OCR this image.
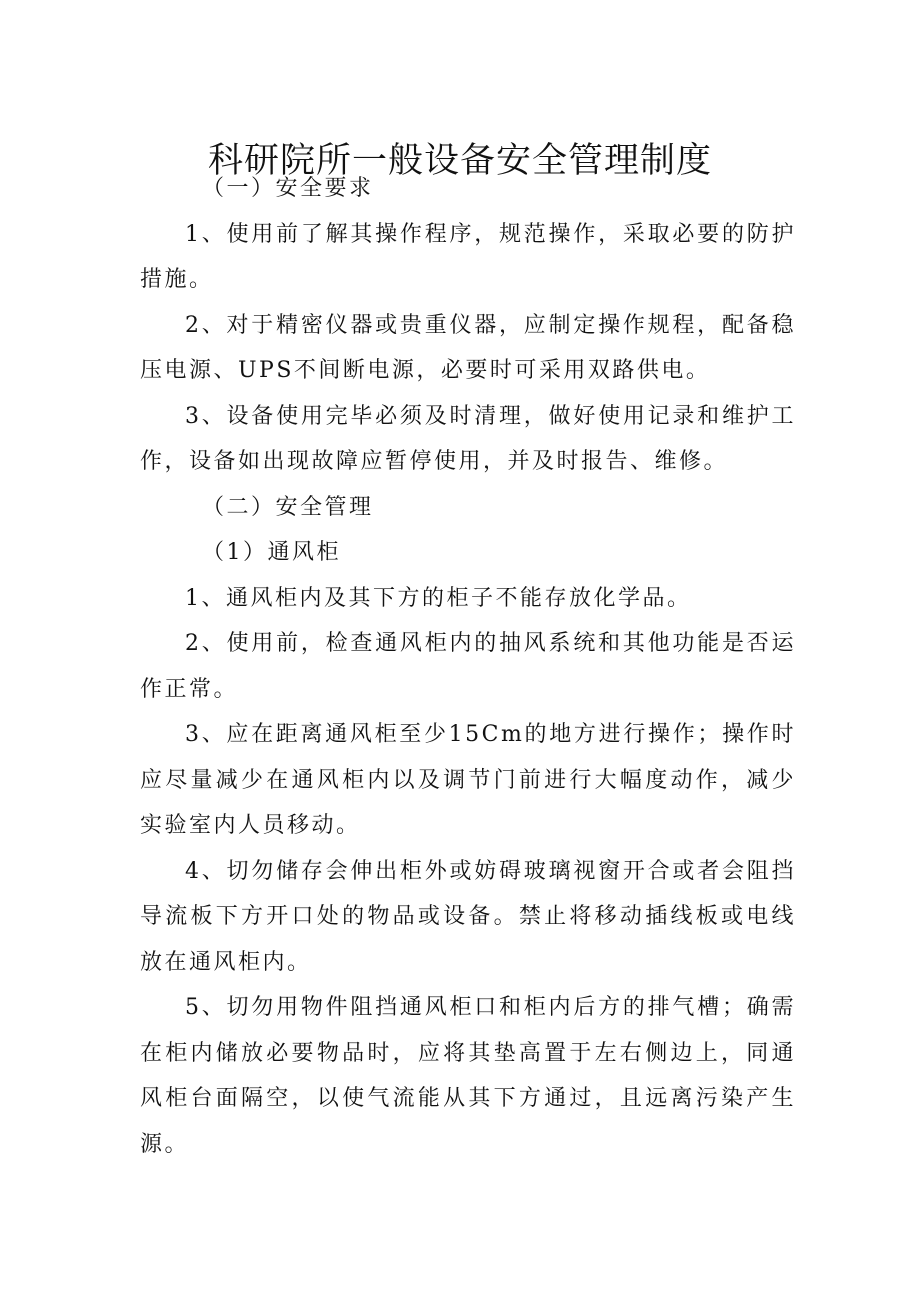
科研院所一般设备安全管理制度

（一）安全要求

1、使用前了解其操作程序，规范操作，采取必要的防护措施。

2、对于精密仪器或贵重仪器，应制定操作规程，配备稳压电源、UPS不间断电源，必要时可采用双路供电。

3、设备使用完毕必须及时清理，做好使用记录和维护工作，设备如出现故障应暂停使用，并及时报告、维修。

（二）安全管理

（1）通风柜

1、通风柜内及其下方的柜子不能存放化学品。

2、使用前，检查通风柜内的抽风系统和其他功能是否运作正常。

3、应在距离通风柜至少15Cm的地方进行操作；操作时应尽量减少在通风柜内以及调节门前进行大幅度动作，减少实验室内人员移动。

4、切勿储存会伸出柜外或妨碍玻璃视窗开合或者会阻挡导流板下方开口处的物品或设备。禁止将移动插线板或电线放在通风柜内。

5、切勿用物件阻挡通风柜口和柜内后方的排气槽；确需在柜内储放必要物品时，应将其垫高置于左右侧边上，同通风柜台面隔空，以使气流能从其下方通过，且远离污染产生源。
